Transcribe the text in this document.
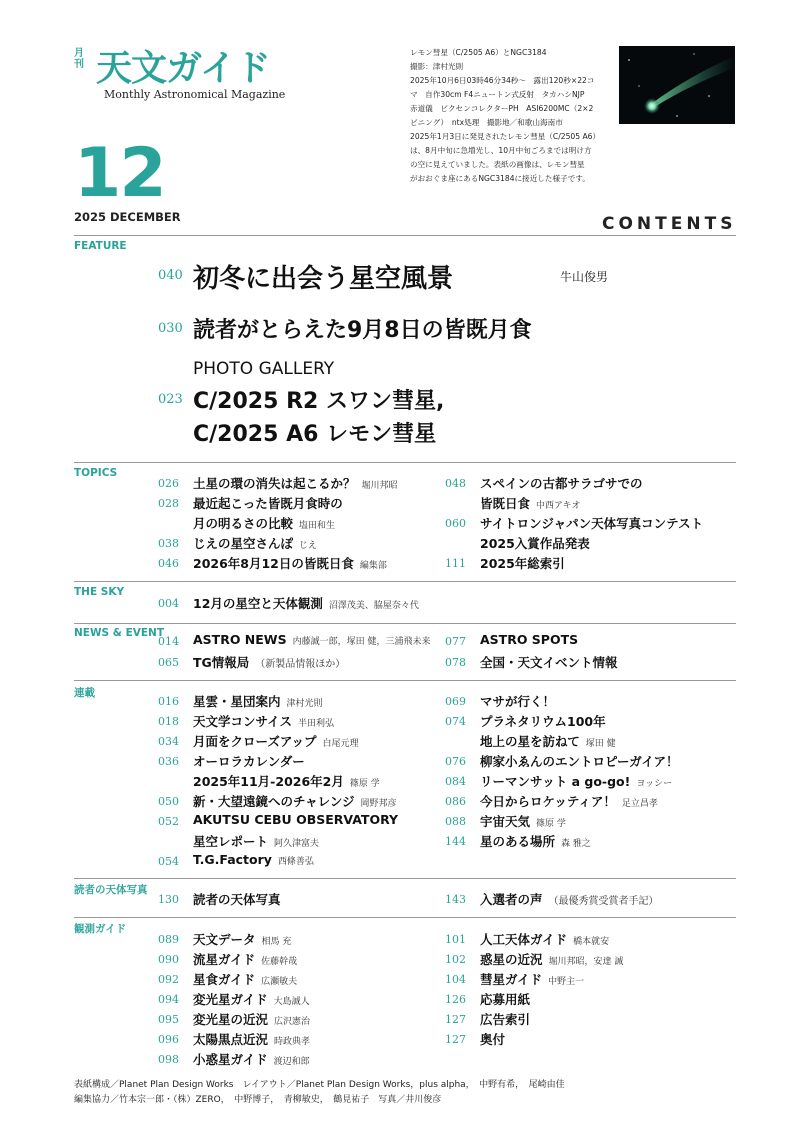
月刊 天文ガイド
Monthly Astronomical Magazine
12
2025 DECEMBER
レモン彗星（C/2505 A6）とNGC3184
撮影：津村光則
2025年10月6日03時46分34秒～　露出120秒×22コ
マ　自作30cm F4ニュートン式反射　タカハシNJP
赤道儀　ビクセンコレクターPH　ASI6200MC（2×2
ビニング）　ntx処理　撮影地／和歌山海南市
2025年1月3日に発見されたレモン彗星（C/2505 A6）
は、8月中旬に急増光し、10月中旬ごろまでは明け方
の空に見えていました。表紙の画像は、レモン彗星
がおおぐま座にあるNGC3184に接近した様子です。
CONTENTS
FEATURE
040 初冬に出会う星空風景	牛山俊男
030 読者がとらえた9月8日の皆既月食
PHOTO GALLERY
023 C/2025 R2 スワン彗星,
C/2025 A6 レモン彗星
TOPICS
026 土星の環の消失は起こるか？ 堀川邦昭
028 最近起こった皆既月食時の
月の明るさの比較 塩田和生
038 じえの星空さんぽ じえ
046 2026年8月12日の皆既日食 編集部
048 スペインの古都サラゴサでの
皆既日食 中西アキオ
060 サイトロンジャパン天体写真コンテスト
2025入賞作品発表
111 2025年総索引
THE SKY
004 12月の星空と天体観測 沼澤茂美、脇屋奈々代
NEWS & EVENT
014 ASTRO NEWS 内藤誠一郎，塚田 健，三浦飛未来
065 TG情報局 （新製品情報ほか）
077 ASTRO SPOTS
078 全国・天文イベント情報
連載
016 星雲・星団案内 津村光則
018 天文学コンサイス 半田利弘
034 月面をクローズアップ 白尾元理
036 オーロラカレンダー
2025年11月-2026年2月 篠原 学
050 新・大望遠鏡へのチャレンジ 岡野邦彦
052 AKUTSU CEBU OBSERVATORY
星空レポート 阿久津富夫
054 T.G.Factory 西條善弘
069 マサが行く！
074 プラネタリウム100年
地上の星を訪ねて 塚田 健
076 柳家小ゑんのエントロピーガイア！
084 リーマンサット a go-go! ヨッシー
086 今日からロケッティア！ 足立昌孝
088 宇宙天気 篠原 学
144 星のある場所 森 雅之
読者の天体写真
130 読者の天体写真	143 入選者の声 （最優秀賞受賞者手記）
観測ガイド
089 天文データ 相馬 充
090 流星ガイド 佐藤幹哉
092 星食ガイド 広瀬敏夫
094 変光星ガイド 大島誠人
095 変光星の近況 広沢憲治
096 太陽黒点近況 時政典孝
098 小惑星ガイド 渡辺和郎
101 人工天体ガイド 橋本就安
102 惑星の近況 堀川邦昭，安達 誠
104 彗星ガイド 中野主一
126 応募用紙
127 広告索引
127 奥付
表紙構成／Planet Plan Design Works　レイアウト／Planet Plan Design Works，plus alpha，　中野有希，　尾崎由佳
編集協力／竹本宗一郎・（株）ZERO，　中野博子，　青柳敏史，　鶴見祐子　写真／井川俊彦
